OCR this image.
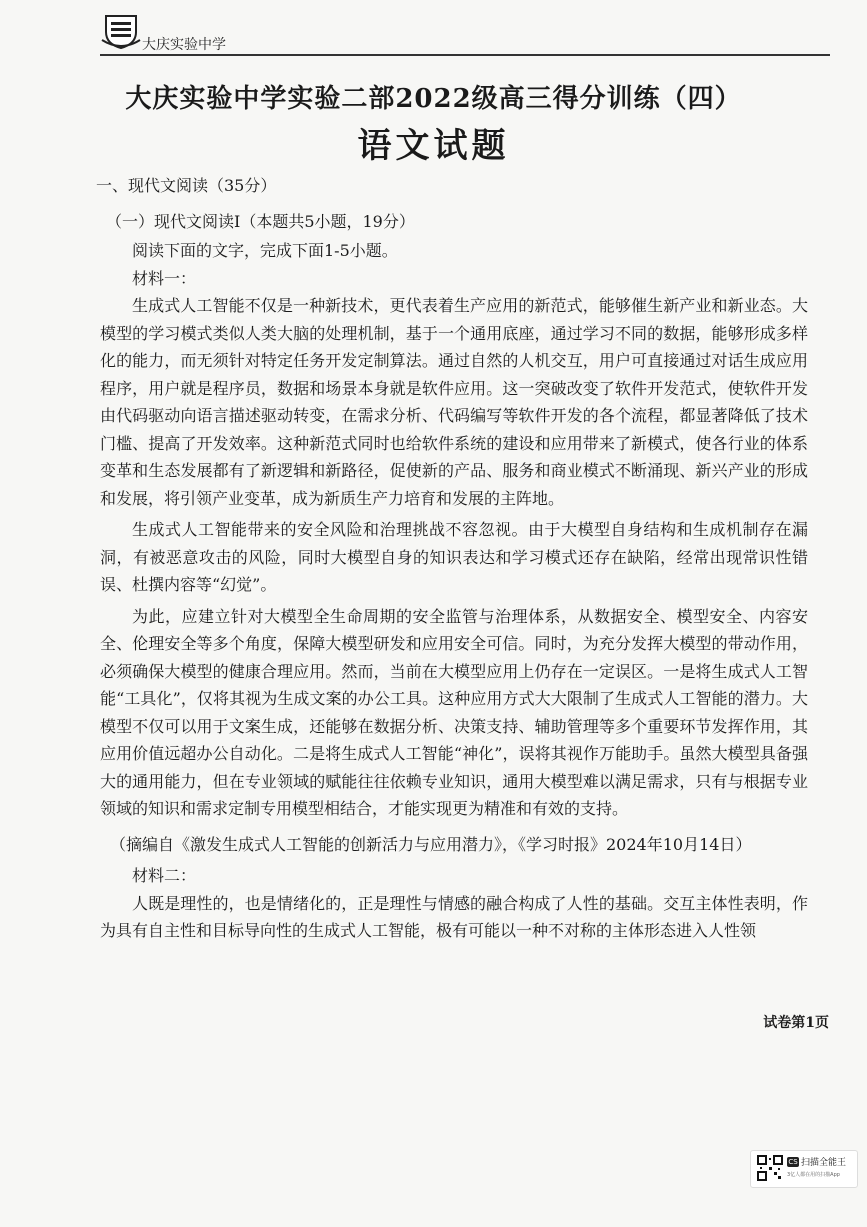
大庆实验中学
大庆实验中学实验二部2022级高三得分训练（四）
语文试题
一、现代文阅读（35分）
（一）现代文阅读Ⅰ（本题共5小题，19分）

阅读下面的文字，完成下面1-5小题。

材料一：

生成式人工智能不仅是一种新技术，更代表着生产应用的新范式，能够催生新产业和新业态。大模型的学习模式类似人类大脑的处理机制，基于一个通用底座，通过学习不同的数据，能够形成多样化的能力，而无须针对特定任务开发定制算法。通过自然的人机交互，用户可直接通过对话生成应用程序，用户就是程序员，数据和场景本身就是软件应用。这一突破改变了软件开发范式，使软件开发由代码驱动向语言描述驱动转变，在需求分析、代码编写等软件开发的各个流程，都显著降低了技术门槛、提高了开发效率。这种新范式同时也给软件系统的建设和应用带来了新模式，使各行业的体系变革和生态发展都有了新逻辑和新路径，促使新的产品、服务和商业模式不断涌现、新兴产业的形成和发展，将引领产业变革，成为新质生产力培育和发展的主阵地。

生成式人工智能带来的安全风险和治理挑战不容忽视。由于大模型自身结构和生成机制存在漏洞，有被恶意攻击的风险，同时大模型自身的知识表达和学习模式还存在缺陷，经常出现常识性错误、杜撰内容等“幻觉”。

为此，应建立针对大模型全生命周期的安全监管与治理体系，从数据安全、模型安全、内容安全、伦理安全等多个角度，保障大模型研发和应用安全可信。同时，为充分发挥大模型的带动作用，必须确保大模型的健康合理应用。然而，当前在大模型应用上仍存在一定误区。一是将生成式人工智能“工具化”，仅将其视为生成文案的办公工具。这种应用方式大大限制了生成式人工智能的潜力。大模型不仅可以用于文案生成，还能够在数据分析、决策支持、辅助管理等多个重要环节发挥作用，其应用价值远超办公自动化。二是将生成式人工智能“神化”，误将其视作万能助手。虽然大模型具备强大的通用能力，但在专业领域的赋能往往依赖专业知识，通用大模型难以满足需求，只有与根据专业领域的知识和需求定制专用模型相结合，才能实现更为精准和有效的支持。

（摘编自《激发生成式人工智能的创新活力与应用潜力》，《学习时报》2024年10月14日）

材料二：

人既是理性的，也是情绪化的，正是理性与情感的融合构成了人性的基础。交互主体性表明，作为具有自主性和目标导向性的生成式人工智能，极有可能以一种不对称的主体形态进入人性领

试卷第1页
CS 扫描全能王
3亿人都在用的扫描App
